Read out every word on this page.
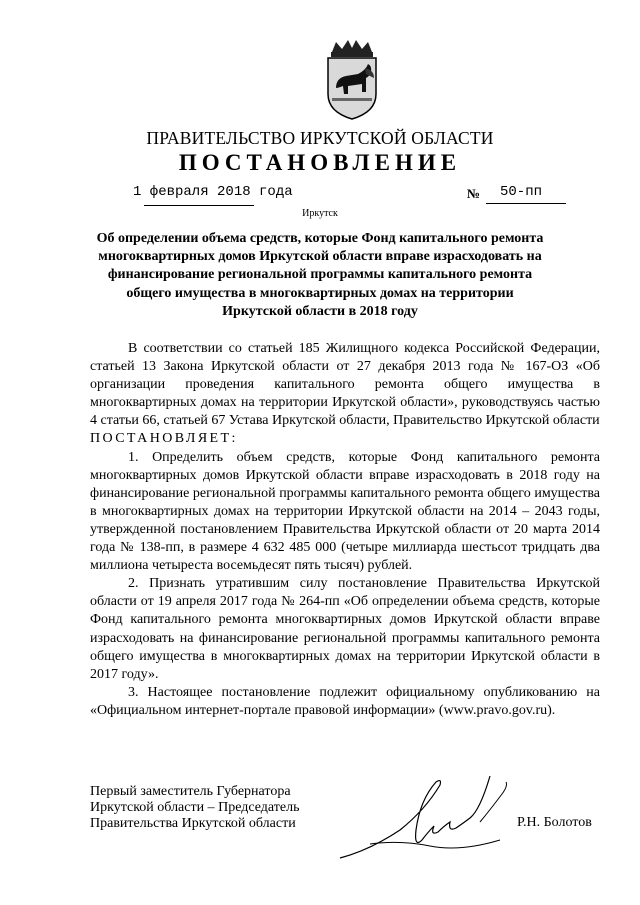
ПРАВИТЕЛЬСТВО ИРКУТСКОЙ ОБЛАСТИ
ПОСТАНОВЛЕНИЕ
1 февраля 2018 года	№ 50-пп
Иркутск
Об определении объема средств, которые Фонд капитального ремонта многоквартирных домов Иркутской области вправе израсходовать на финансирование региональной программы капитального ремонта общего имущества в многоквартирных домах на территории Иркутской области в 2018 году

В соответствии со статьей 185 Жилищного кодекса Российской Федерации, статьей 13 Закона Иркутской области от 27 декабря 2013 года № 167-ОЗ «Об организации проведения капитального ремонта общего имущества в многоквартирных домах на территории Иркутской области», руководствуясь частью 4 статьи 66, статьей 67 Устава Иркутской области, Правительство Иркутской области

ПОСТАНОВЛЯЕТ:

1. Определить объем средств, которые Фонд капитального ремонта многоквартирных домов Иркутской области вправе израсходовать в 2018 году на финансирование региональной программы капитального ремонта общего имущества в многоквартирных домах на территории Иркутской области на 2014 – 2043 годы, утвержденной постановлением Правительства Иркутской области от 20 марта 2014 года № 138-пп, в размере 4 632 485 000 (четыре миллиарда шестьсот тридцать два миллиона четыреста восемьдесят пять тысяч) рублей.

2. Признать утратившим силу постановление Правительства Иркутской области от 19 апреля 2017 года № 264-пп «Об определении объема средств, которые Фонд капитального ремонта многоквартирных домов Иркутской области вправе израсходовать на финансирование региональной программы капитального ремонта общего имущества в многоквартирных домах на территории Иркутской области в 2017 году».

3. Настоящее постановление подлежит официальному опубликованию на «Официальном интернет-портале правовой информации» (www.pravo.gov.ru).

Первый заместитель Губернатора
Иркутской области – Председатель
Правительства Иркутской области	Р.Н. Болотов
